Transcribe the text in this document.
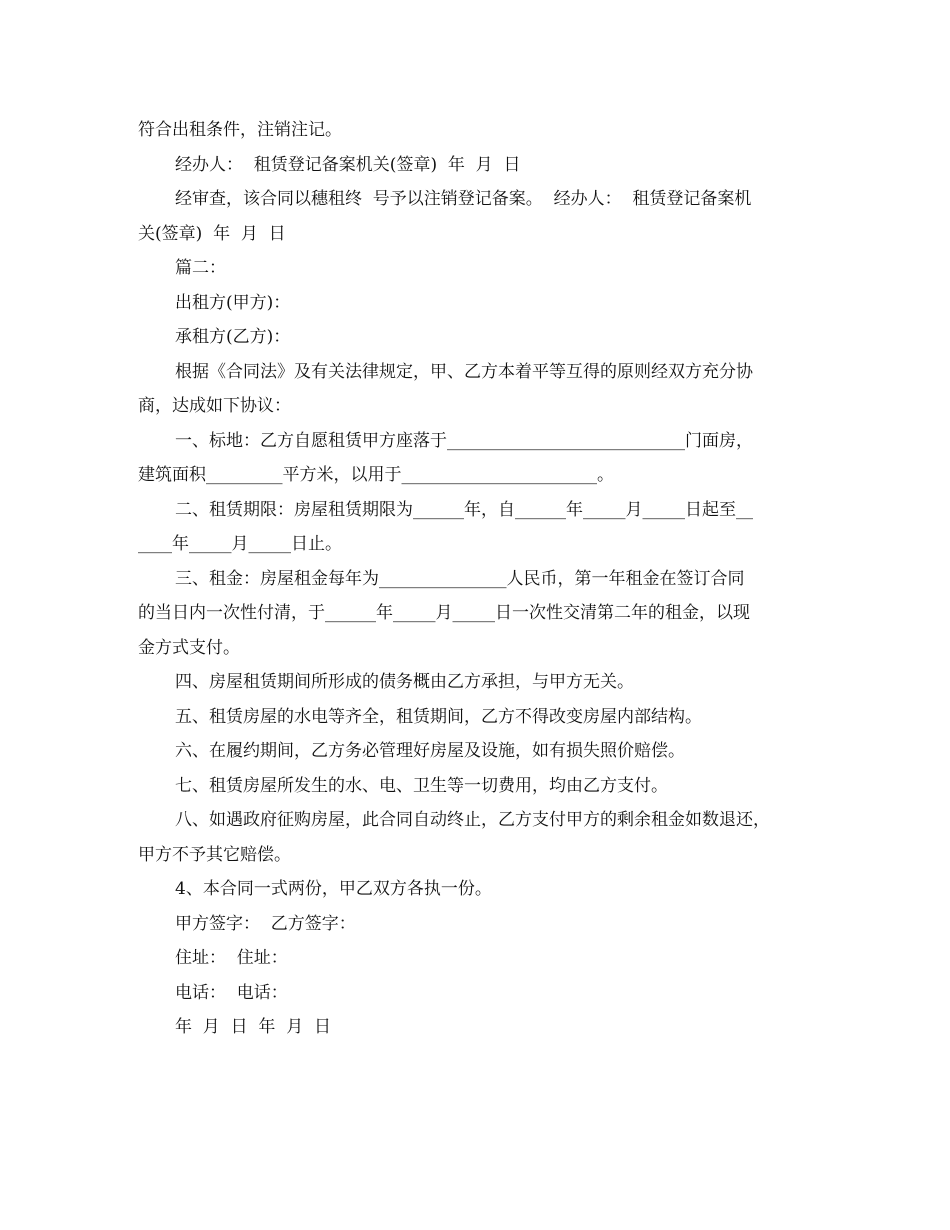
符合出租条件，注销注记。
经办人：  租赁登记备案机关(签章)  年  月  日
经审查，该合同以穗租终  号予以注销登记备案。  经办人：  租赁登记备案机
关(签章)  年  月  日
篇二：
出租方(甲方)：
承租方(乙方)：
根据《合同法》及有关法律规定，甲、乙方本着平等互得的原则经双方充分协
商，达成如下协议：
一、标地：乙方自愿租赁甲方座落于____________________________门面房，
建筑面积_________平方米，以用于_______________________。
二、租赁期限：房屋租赁期限为______年，自______年_____月_____日起至__
____年_____月_____日止。
三、租金：房屋租金每年为_______________人民币，第一年租金在签订合同
的当日内一次性付清，于______年_____月_____日一次性交清第二年的租金，以现
金方式支付。
四、房屋租赁期间所形成的债务概由乙方承担，与甲方无关。
五、租赁房屋的水电等齐全，租赁期间，乙方不得改变房屋内部结构。
六、在履约期间，乙方务必管理好房屋及设施，如有损失照价赔偿。
七、租赁房屋所发生的水、电、卫生等一切费用，均由乙方支付。
八、如遇政府征购房屋，此合同自动终止，乙方支付甲方的剩余租金如数退还，
甲方不予其它赔偿。
4、本合同一式两份，甲乙双方各执一份。
甲方签字：  乙方签字：
住址：  住址：
电话：  电话：
年  月  日  年  月  日
